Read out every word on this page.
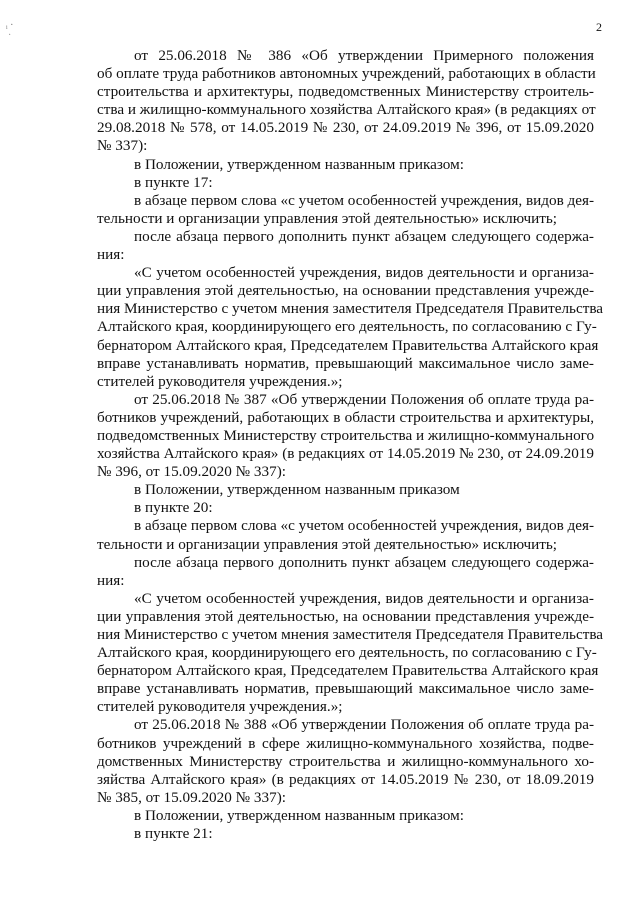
ᵢ ·
·
2
от 25.06.2018 № 386 «Об утверждении Примерного положения
об оплате труда работников автономных учреждений, работающих в области
строительства и архитектуры, подведомственных Министерству строитель-
ства и жилищно-коммунального хозяйства Алтайского края» (в редакциях от
29.08.2018 № 578, от 14.05.2019 № 230, от 24.09.2019 № 396, от 15.09.2020
№ 337):
в Положении, утвержденном названным приказом:
в пункте 17:
в абзаце первом слова «с учетом особенностей учреждения, видов дея-
тельности и организации управления этой деятельностью» исключить;
после абзаца первого дополнить пункт абзацем следующего содержа-
ния:
«С учетом особенностей учреждения, видов деятельности и организа-
ции управления этой деятельностью, на основании представления учрежде-
ния Министерство с учетом мнения заместителя Председателя Правительства
Алтайского края, координирующего его деятельность, по согласованию с Гу-
бернатором Алтайского края, Председателем Правительства Алтайского края
вправе устанавливать норматив, превышающий максимальное число заме-
стителей руководителя учреждения.»;
от 25.06.2018 № 387 «Об утверждении Положения об оплате труда ра-
ботников учреждений, работающих в области строительства и архитектуры,
подведомственных Министерству строительства и жилищно-коммунального
хозяйства Алтайского края» (в редакциях от 14.05.2019 № 230, от 24.09.2019
№ 396, от 15.09.2020 № 337):
в Положении, утвержденном названным приказом
в пункте 20:
в абзаце первом слова «с учетом особенностей учреждения, видов дея-
тельности и организации управления этой деятельностью» исключить;
после абзаца первого дополнить пункт абзацем следующего содержа-
ния:
«С учетом особенностей учреждения, видов деятельности и организа-
ции управления этой деятельностью, на основании представления учрежде-
ния Министерство с учетом мнения заместителя Председателя Правительства
Алтайского края, координирующего его деятельность, по согласованию с Гу-
бернатором Алтайского края, Председателем Правительства Алтайского края
вправе устанавливать норматив, превышающий максимальное число заме-
стителей руководителя учреждения.»;
от 25.06.2018 № 388 «Об утверждении Положения об оплате труда ра-
ботников учреждений в сфере жилищно-коммунального хозяйства, подве-
домственных Министерству строительства и жилищно-коммунального хо-
зяйства Алтайского края» (в редакциях от 14.05.2019 № 230, от 18.09.2019
№ 385, от 15.09.2020 № 337):
в Положении, утвержденном названным приказом:
в пункте 21:
